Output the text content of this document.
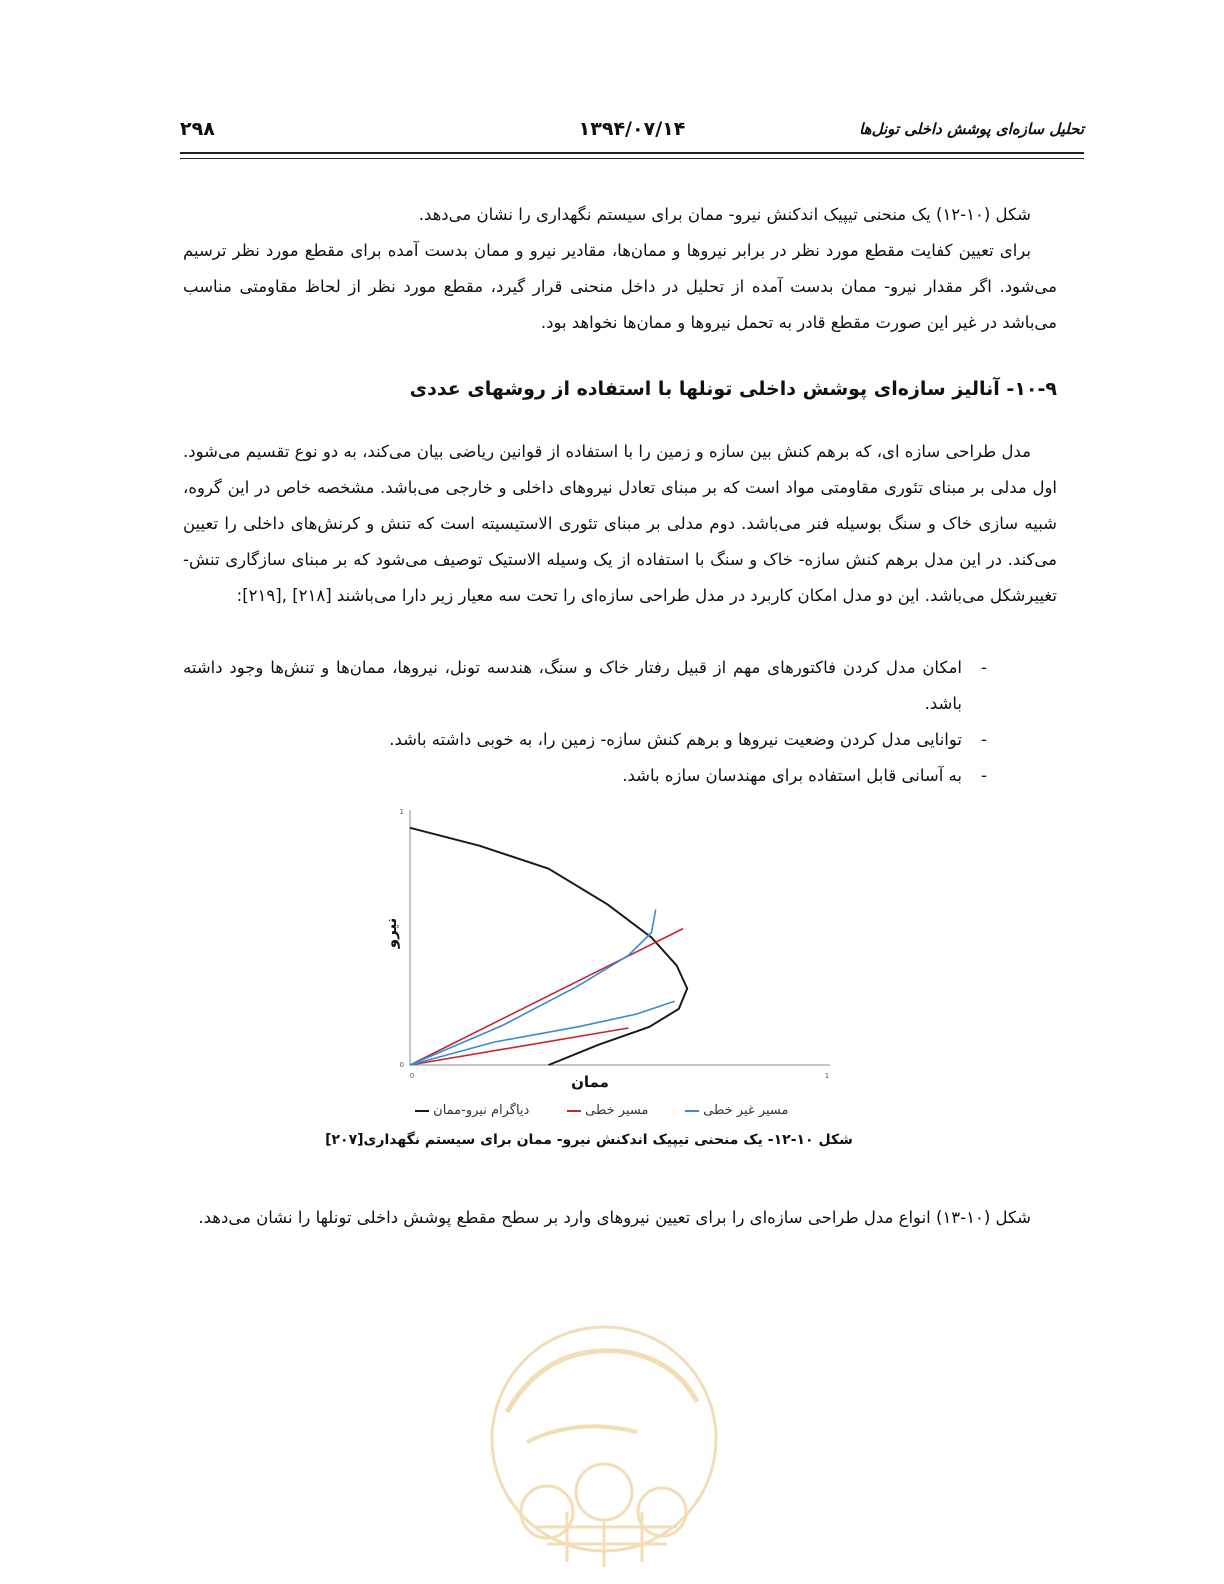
۲۹۸	۱۳۹۴/۰۷/۱۴	تحلیل سازه‌ای پوشش داخلی تونل‌ها

شکل (۱۰-۱۲) یک منحنی تیپیک اندکنش نیرو- ممان برای سیستم نگهداری را نشان می‌دهد.

برای تعیین کفایت مقطع مورد نظر در برابر نیروها و ممان‌ها، مقادیر نیرو و ممان بدست آمده برای مقطع مورد نظر ترسیم می‌شود. اگر مقدار نیرو- ممان بدست آمده از تحلیل در داخل منحنی قرار گیرد، مقطع مورد نظر از لحاظ مقاومتی مناسب می‌باشد در غیر این صورت مقطع قادر به تحمل نیروها و ممان‌ها نخواهد بود.

۱۰-۹- آنالیز سازه‌ای پوشش داخلی تونلها با استفاده از روشهای عددی

مدل طراحی سازه ای، که برهم کنش بین سازه و زمین را با استفاده از قوانین ریاضی بیان می‌کند، به دو نوع تقسیم می‌شود. اول مدلی بر مبنای تئوری مقاومتی مواد است که بر مبنای تعادل نیروهای داخلی و خارجی می‌باشد. مشخصه خاص در این گروه، شبیه سازی خاک و سنگ بوسیله فنر می‌باشد. دوم مدلی بر مبنای تئوری الاستیسیته است که تنش و کرنش‌های داخلی را تعیین می‌کند. در این مدل برهم کنش سازه- خاک و سنگ با استفاده از یک وسیله الاستیک توصیف می‌شود که بر مبنای سازگاری تنش- تغییرشکل می‌باشد. این دو مدل امکان کاربرد در مدل طراحی سازه‌ای را تحت سه معیار زیر دارا می‌باشند [۲۱۸] ,[۲۱۹]:

-
امکان مدل کردن فاکتورهای مهم از قبیل رفتار خاک و سنگ، هندسه تونل، نیروها، ممان‌ها و تنش‌ها وجود داشته باشد.
-
توانایی مدل کردن وضعیت نیروها و برهم کنش سازه- زمین را، به خوبی داشته باشد.
-
به آسانی قابل استفاده برای مهندسان سازه باشد.
1
0
0	1
ممان
نیرو
دیاگرام نیرو-ممان	مسیر خطی	مسیر غیر خطی
شکل ۱۰-۱۲- یک منحنی تیپیک اندکنش نیرو- ممان برای سیستم نگهداری[۲۰۷]

شکل (۱۰-۱۳) انواع مدل طراحی سازه‌ای را برای تعیین نیروهای وارد بر سطح مقطع پوشش داخلی تونلها را نشان می‌دهد.
